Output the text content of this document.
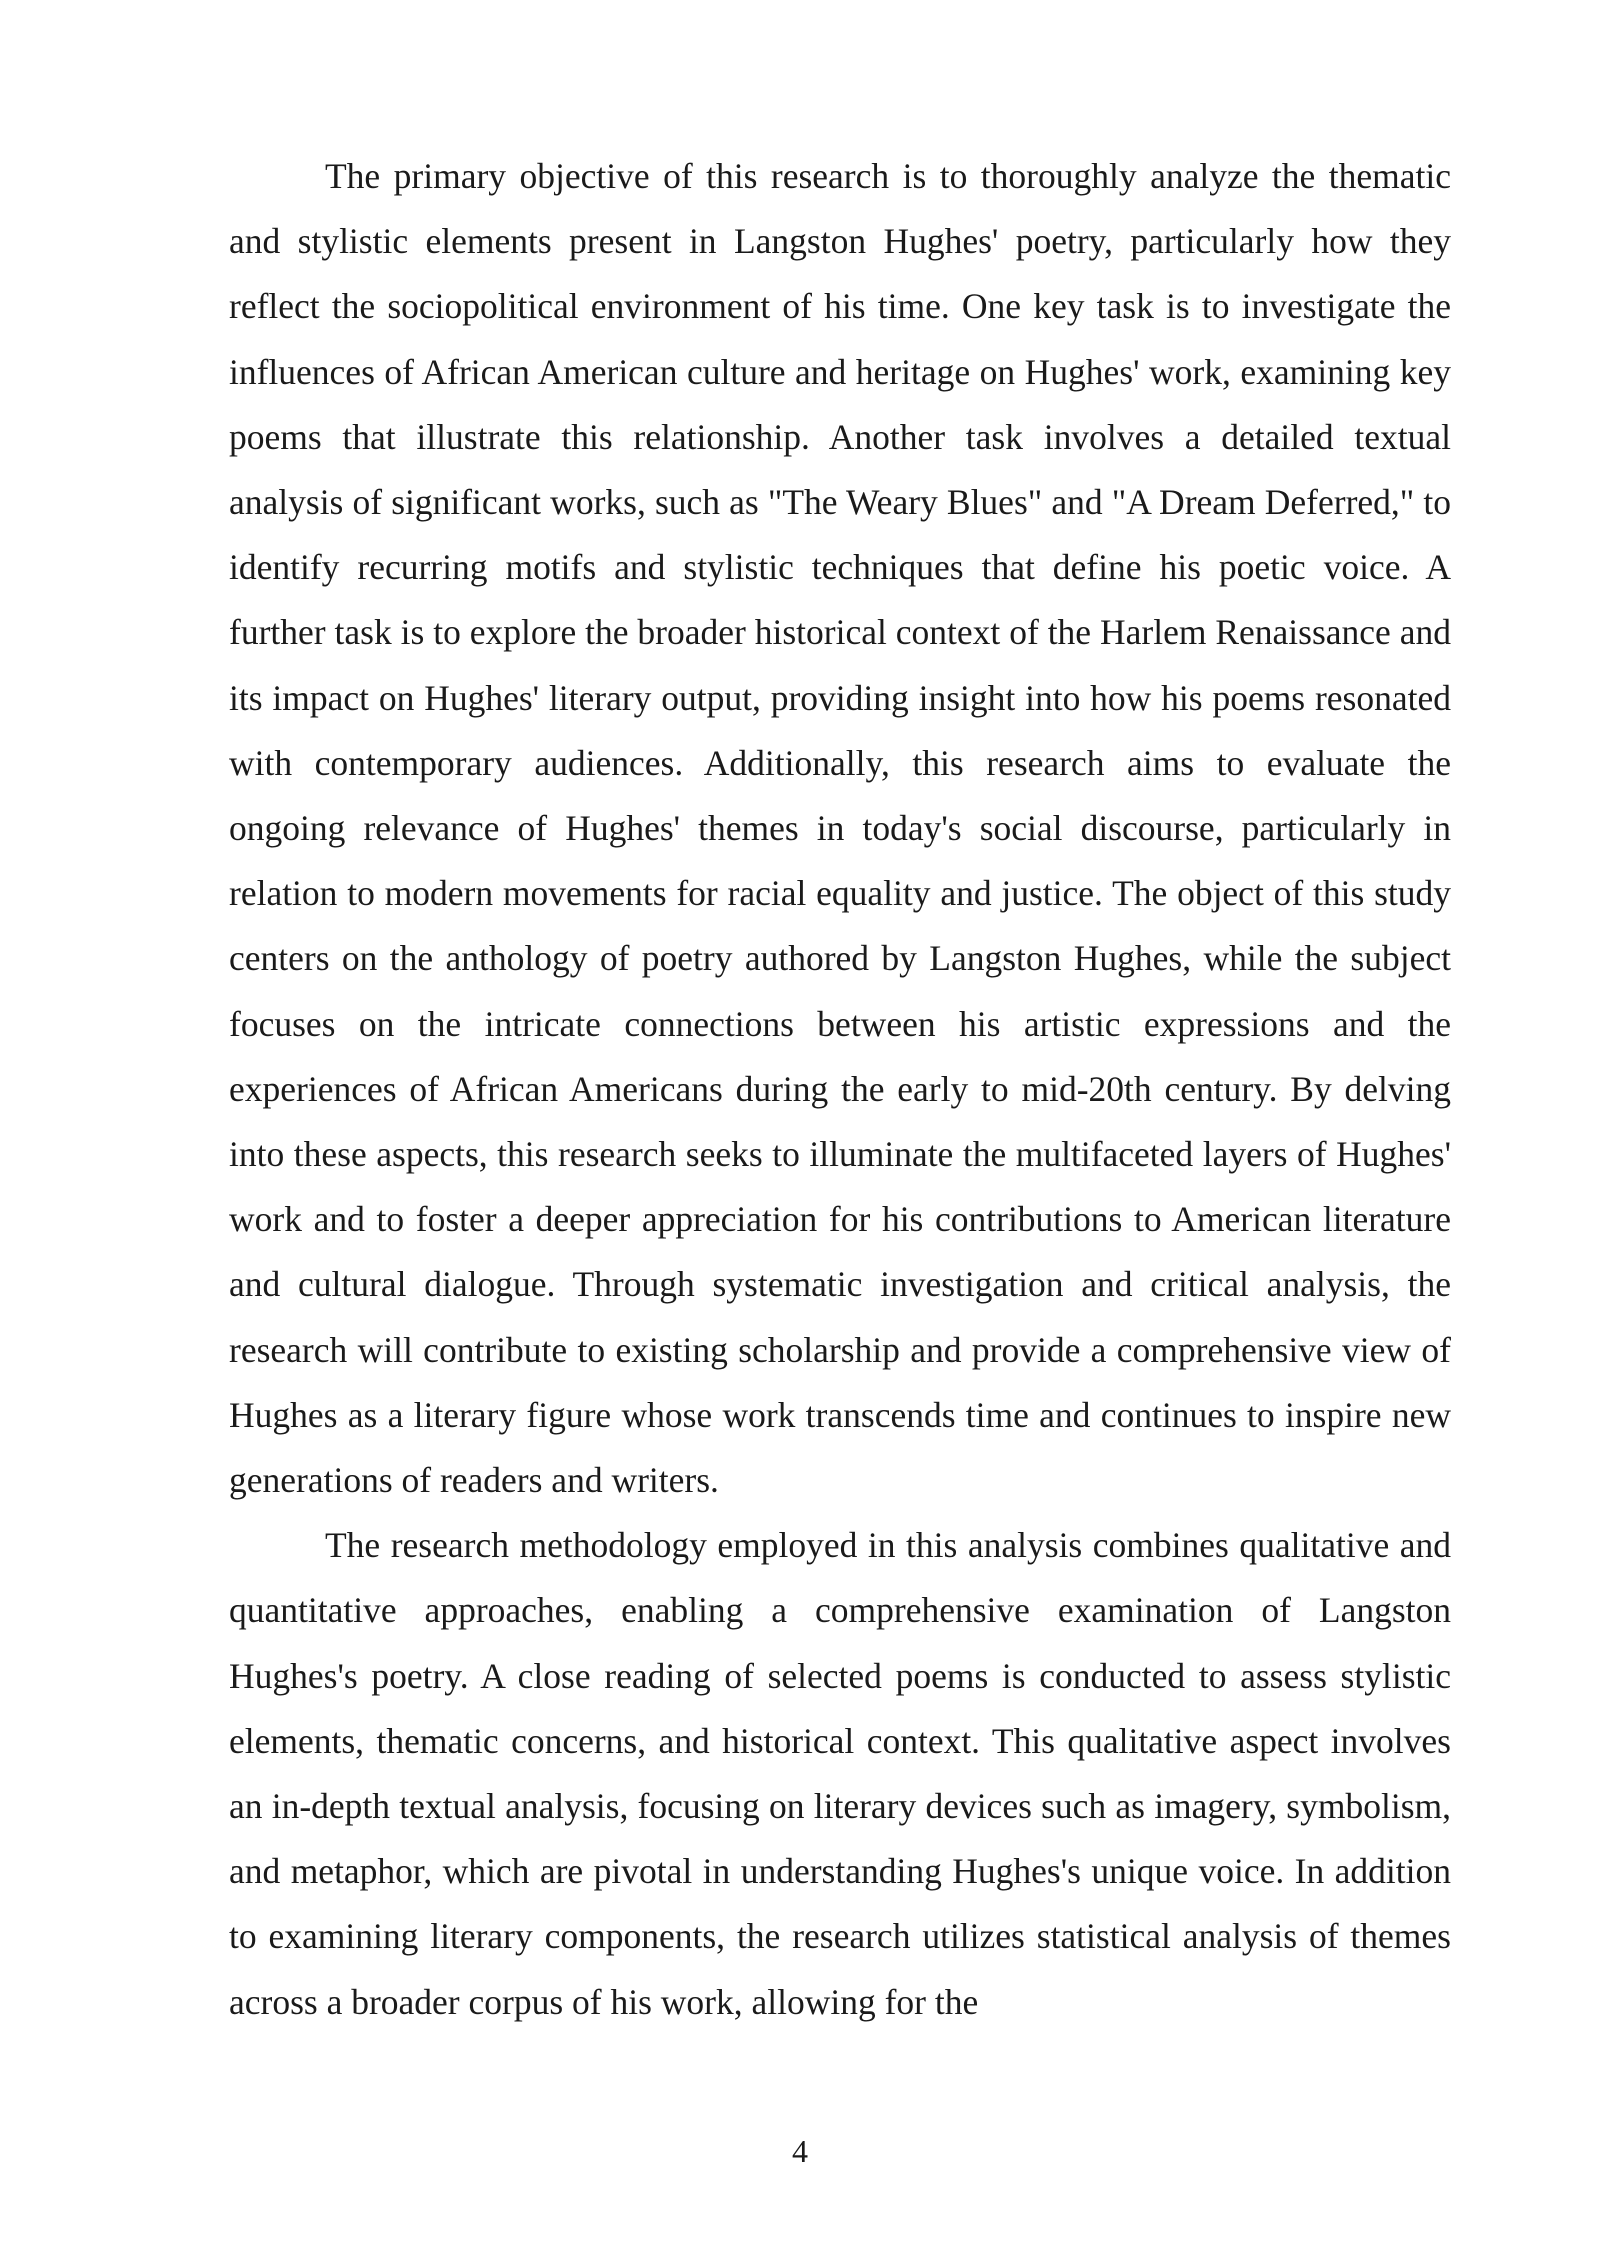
The primary objective of this research is to thoroughly analyze the thematic and stylistic elements present in Langston Hughes' poetry, particularly how they reflect the sociopolitical environment of his time. One key task is to investigate the influences of African American culture and heritage on Hughes' work, examining key poems that illustrate this relationship. Another task involves a detailed textual analysis of significant works, such as "The Weary Blues" and "A Dream Deferred," to identify recurring motifs and stylistic techniques that define his poetic voice. A further task is to explore the broader historical context of the Harlem Renaissance and its impact on Hughes' literary output, providing insight into how his poems resonated with contemporary audiences. Additionally, this research aims to evaluate the ongoing relevance of Hughes' themes in today's social discourse, particularly in relation to modern movements for racial equality and justice. The object of this study centers on the anthology of poetry authored by Langston Hughes, while the subject focuses on the intricate connections between his artistic expressions and the experiences of African Americans during the early to mid-20th century. By delving into these aspects, this research seeks to illuminate the multifaceted layers of Hughes' work and to foster a deeper appreciation for his contributions to American literature and cultural dialogue. Through systematic investigation and critical analysis, the research will contribute to existing scholarship and provide a comprehensive view of Hughes as a literary figure whose work transcends time and continues to inspire new generations of readers and writers.

The research methodology employed in this analysis combines qualitative and quantitative approaches, enabling a comprehensive examination of Langston Hughes's poetry. A close reading of selected poems is conducted to assess stylistic elements, thematic concerns, and historical context. This qualitative aspect involves an in-depth textual analysis, focusing on literary devices such as imagery, symbolism, and metaphor, which are pivotal in understanding Hughes's unique voice. In addition to examining literary components, the research utilizes statistical analysis of themes across a broader corpus of his work, allowing for the

4
